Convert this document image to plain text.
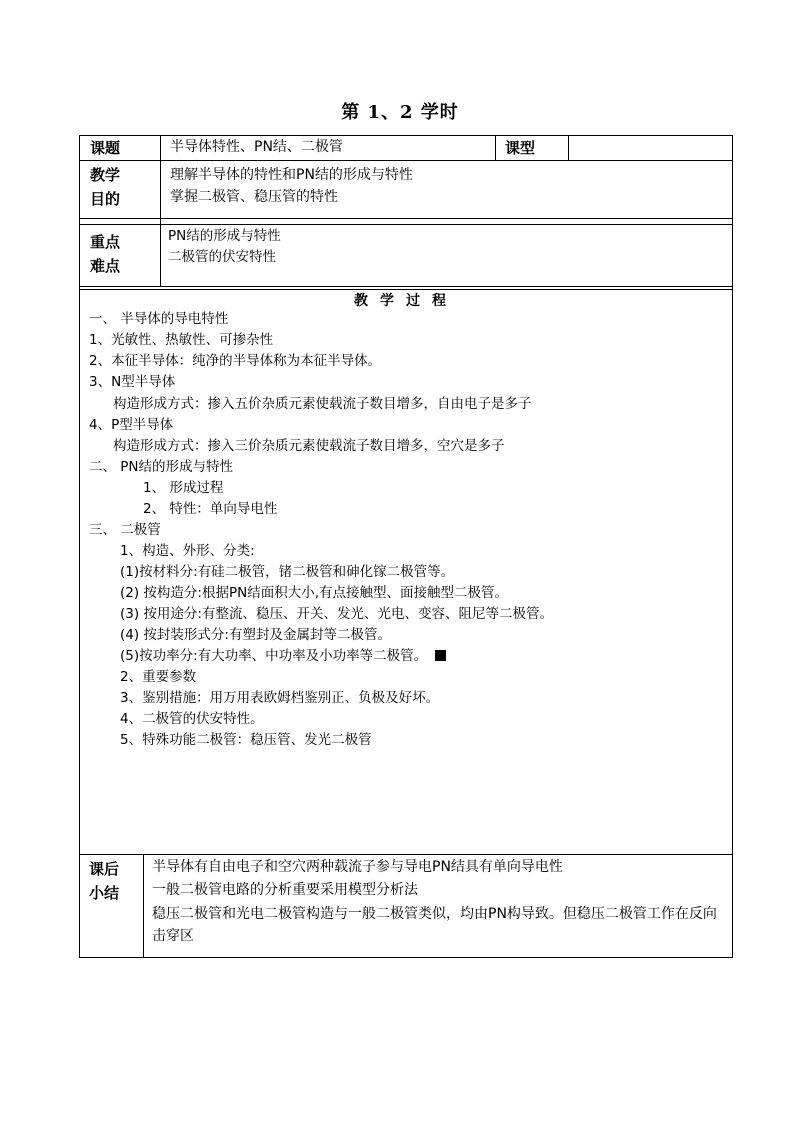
第 1、2 学时
课题	半导体特性、PN结、二极管	课型
教学
目的
理解半导体的特性和PN结的形成与特性
掌握二极管、稳压管的特性
重点
难点
PN结的形成与特性
二极管的伏安特性
教学过程
一、 半导体的导电特性
1、光敏性、热敏性、可掺杂性
2、本征半导体：纯净的半导体称为本征半导体。
3、N型半导体
构造形成方式：掺入五价杂质元素使载流子数目增多，自由电子是多子
4、P型半导体
构造形成方式：掺入三价杂质元素使载流子数目增多，空穴是多子
二、 PN结的形成与特性
1、 形成过程
2、 特性：单向导电性
三、 二极管
1、构造、外形、分类:
(1)按材料分:有硅二极管，锗二极管和砷化镓二极管等。
(2) 按构造分:根据PN结面积大小,有点接触型、面接触型二极管。
(3) 按用途分:有整流、稳压、开关、发光、光电、变容、阻尼等二极管。
(4) 按封装形式分:有塑封及金属封等二极管。
(5)按功率分:有大功率、中功率及小功率等二极管。
2、重要参数
3、鉴别措施：用万用表欧姆档鉴别正、负极及好坏。
4、二极管的伏安特性。
5、特殊功能二极管：稳压管、发光二极管
课后
小结
半导体有自由电子和空穴两种载流子参与导电PN结具有单向导电性
一般二极管电路的分析重要采用模型分析法
稳压二极管和光电二极管构造与一般二极管类似，均由PN构导致。但稳压二极管工作在反向击穿区
